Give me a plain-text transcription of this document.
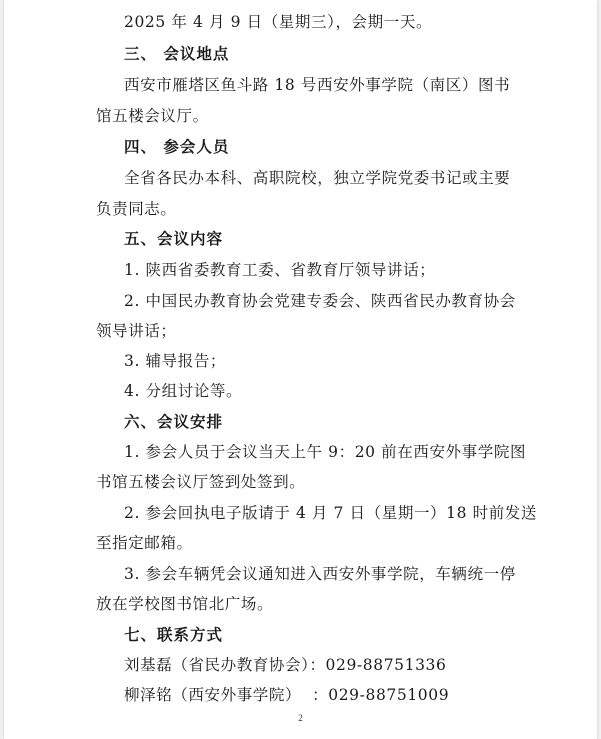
2025 年 4 月 9 日（星期三），会期一天。
三、 会议地点
西安市雁塔区鱼斗路 18 号西安外事学院（南区）图书
馆五楼会议厅。
四、 参会人员
全省各民办本科、高职院校，独立学院党委书记或主要
负责同志。
五、会议内容
1. 陕西省委教育工委、省教育厅领导讲话；
2. 中国民办教育协会党建专委会、陕西省民办教育协会
领导讲话；
3. 辅导报告；
4. 分组讨论等。
六、会议安排
1. 参会人员于会议当天上午 9：20 前在西安外事学院图
书馆五楼会议厅签到处签到。
2. 参会回执电子版请于 4 月 7 日（星期一）18 时前发送
至指定邮箱。
3. 参会车辆凭会议通知进入西安外事学院，车辆统一停
放在学校图书馆北广场。
七、联系方式
刘基磊（省民办教育协会）：029-88751336
柳泽铭（西安外事学院）  ：029-88751009
2
